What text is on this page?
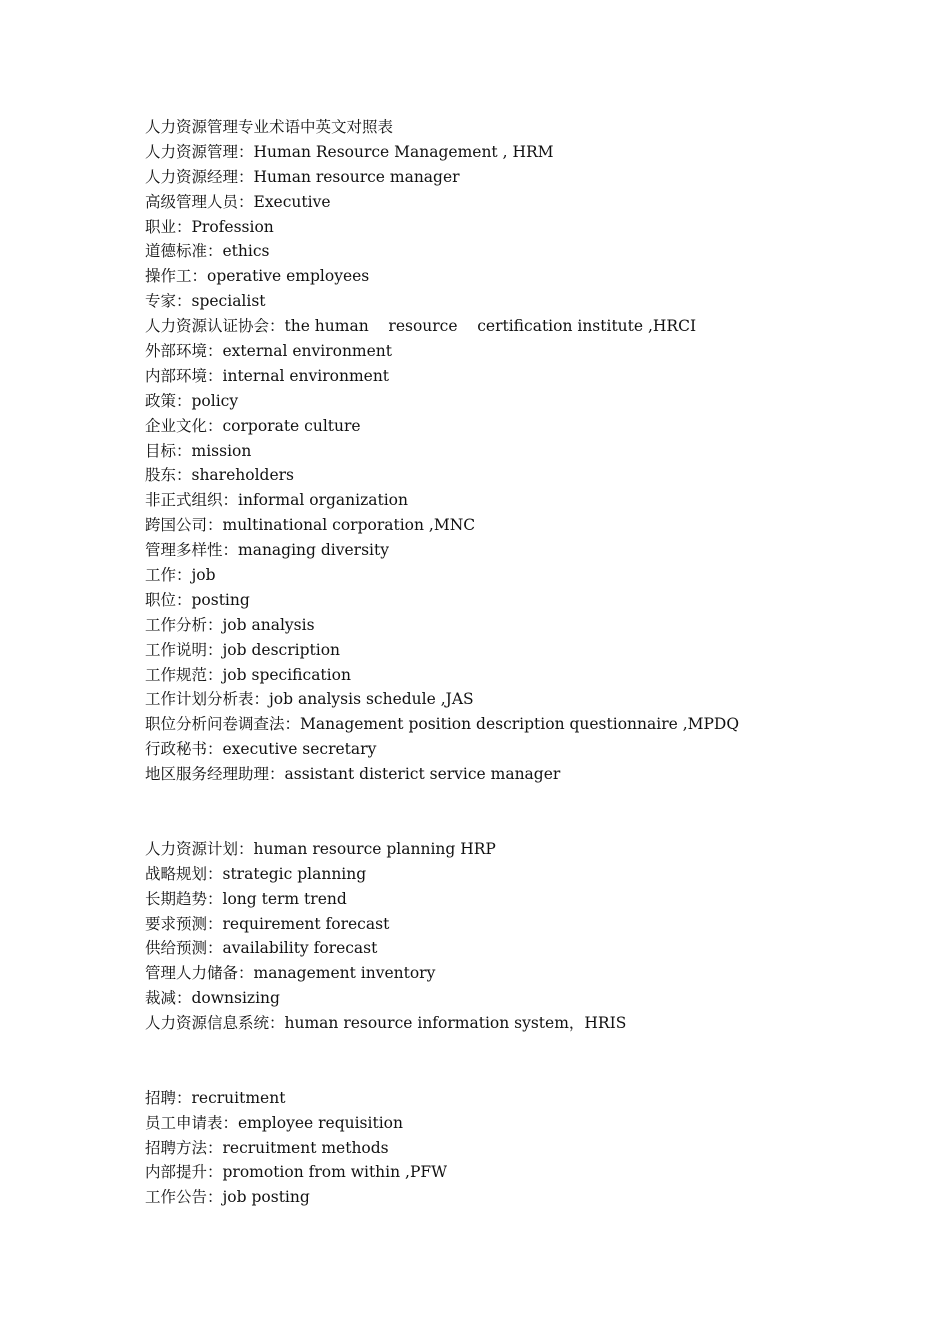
人力资源管理专业术语中英文对照表
人力资源管理：Human Resource Management , HRM
人力资源经理：Human resource manager
高级管理人员：Executive
职业：Profession
道德标准：ethics
操作工：operative employees
专家：specialist
人力资源认证协会：the human    resource    certification institute ,HRCI
外部环境：external environment
内部环境：internal environment
政策：policy
企业文化：corporate culture
目标：mission
股东：shareholders
非正式组织：informal organization
跨国公司：multinational corporation ,MNC
管理多样性：managing diversity
工作：job
职位：posting
工作分析：job analysis
工作说明：job description
工作规范：job specification
工作计划分析表：job analysis schedule ,JAS
职位分析问卷调查法：Management position description questionnaire ,MPDQ
行政秘书：executive secretary
地区服务经理助理：assistant disterict service manager
人力资源计划：human resource planning HRP
战略规划：strategic planning
长期趋势：long term trend
要求预测：requirement forecast
供给预测：availability forecast
管理人力储备：management inventory
裁减：downsizing
人力资源信息系统：human resource information system，HRIS
招聘：recruitment
员工申请表：employee requisition
招聘方法：recruitment methods
内部提升：promotion from within ,PFW
工作公告：job posting
